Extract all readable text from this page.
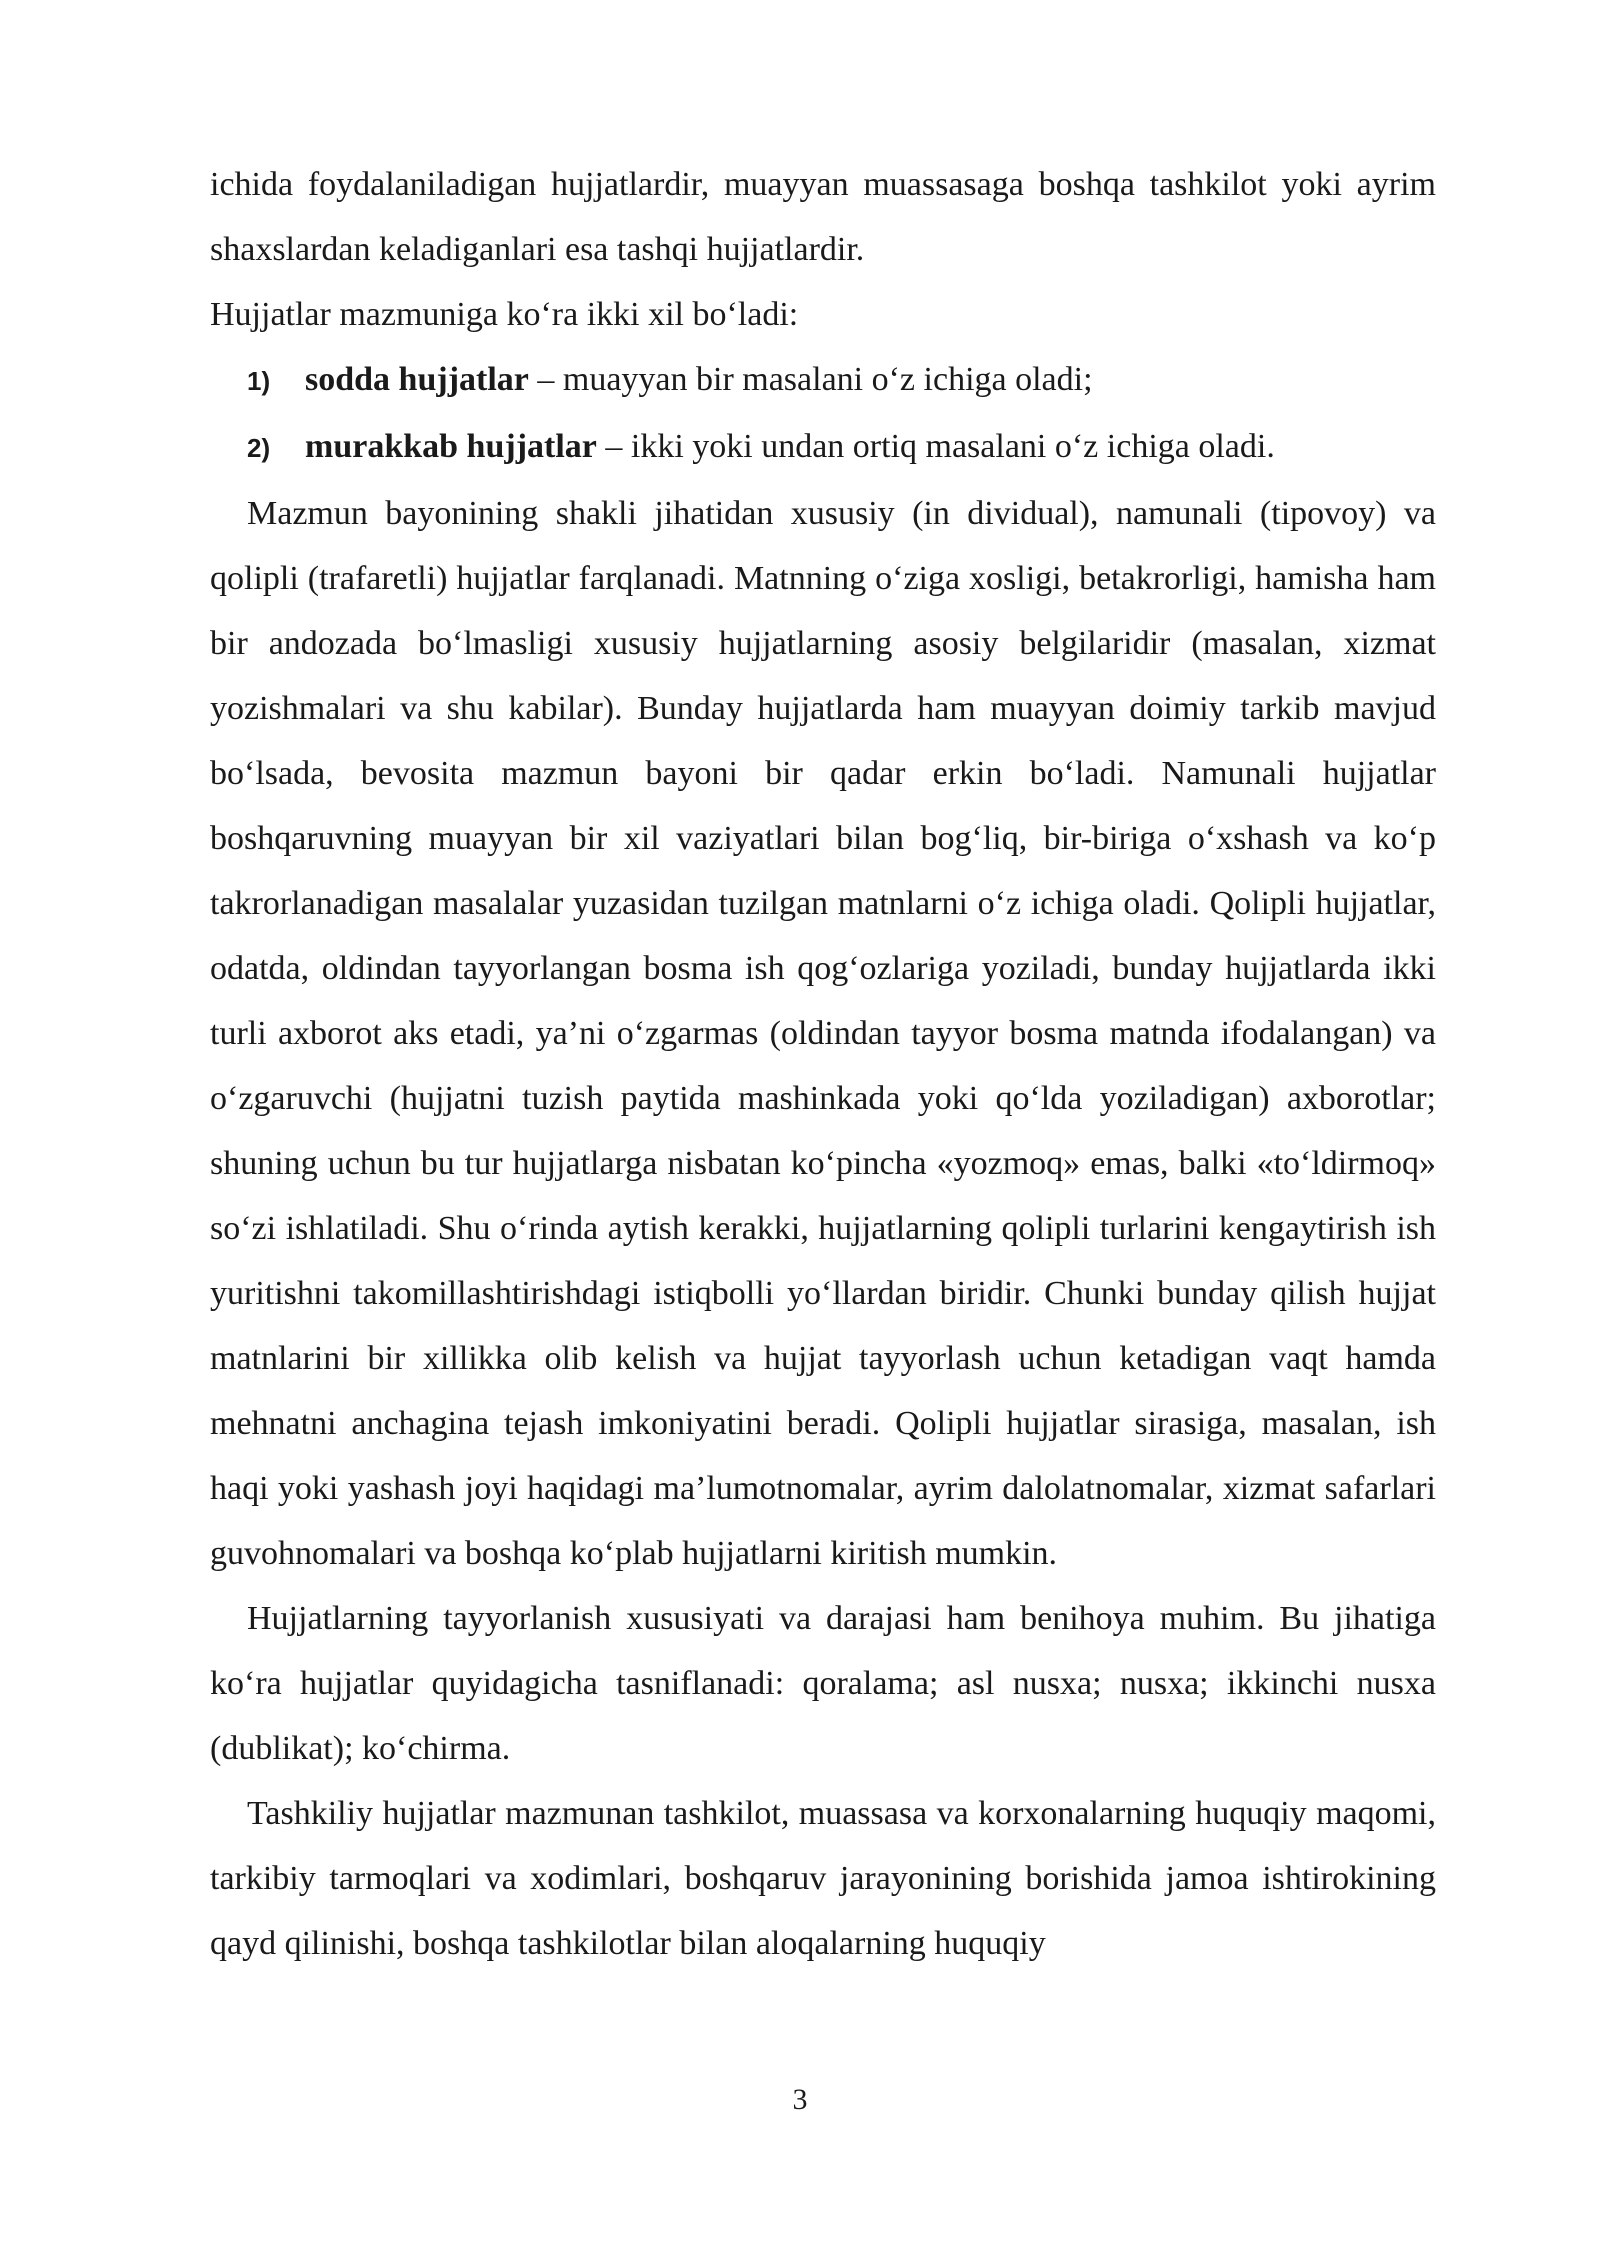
ichida foydalaniladigan hujjatlardir, muayyan muassasaga boshqa tashkilot yoki ayrim shaxslardan keladiganlari esa tashqi hujjatlardir.

Hujjatlar mazmuniga koʻra ikki xil boʻladi:

1) sodda hujjatlar – muayyan bir masalani oʻz ichiga oladi;

2) murakkab hujjatlar – ikki yoki undan ortiq masalani oʻz ichiga oladi.

Mazmun bayonining shakli jihatidan xususiy (in dividual), namunali (tipovoy) va qolipli (trafaretli) hujjatlar farqlanadi. Matnning oʻziga xosligi, betakrorligi, hamisha ham bir andozada boʻlmasligi xususiy hujjatlarning asosiy belgilaridir (masalan, xizmat yozishmalari va shu kabilar). Bunday hujjatlarda ham muayyan doimiy tarkib mavjud boʻlsada, bevosita mazmun bayoni bir qadar erkin boʻladi. Namunali hujjatlar boshqaruvning muayyan bir xil vaziyatlari bilan bogʻliq, bir-biriga oʻxshash va koʻp takrorlanadigan masalalar yuzasidan tuzilgan matnlarni oʻz ichiga oladi. Qolipli hujjatlar, odatda, oldindan tayyorlangan bosma ish qogʻozlariga yoziladi, bunday hujjatlarda ikki turli axborot aks etadi, ya’ni oʻzgarmas (oldindan tayyor bosma matnda ifodalangan) va oʻzgaruvchi (hujjatni tuzish paytida mashinkada yoki qoʻlda yoziladigan) axborotlar; shuning uchun bu tur hujjatlarga nisbatan koʻpincha «yozmoq» emas, balki «toʻldirmoq» soʻzi ishlatiladi. Shu oʻrinda aytish kerakki, hujjatlarning qolipli turlarini kengaytirish ish yuritishni takomillashtirishdagi istiqbolli yoʻllardan biridir. Chunki bunday qilish hujjat matnlarini bir xillikka olib kelish va hujjat tayyorlash uchun ketadigan vaqt hamda mehnatni anchagina tejash imkoniyatini beradi. Qolipli hujjatlar sirasiga, masalan, ish haqi yoki yashash joyi haqidagi ma’lumotnomalar, ayrim dalolatnomalar, xizmat safarlari guvohnomalari va boshqa koʻplab hujjatlarni kiritish mumkin.

Hujjatlarning tayyorlanish xususiyati va darajasi ham benihoya muhim. Bu jihatiga koʻra hujjatlar quyidagicha tasniflanadi: qoralama; asl nusxa; nusxa; ikkinchi nusxa (dublikat); koʻchirma.

Tashkiliy hujjatlar mazmunan tashkilot, muassasa va korxonalarning huquqiy maqomi, tarkibiy tarmoqlari va xodimlari, boshqaruv jarayonining borishida jamoa ishtirokining qayd qilinishi, boshqa tashkilotlar bilan aloqalarning huquqiy

3
